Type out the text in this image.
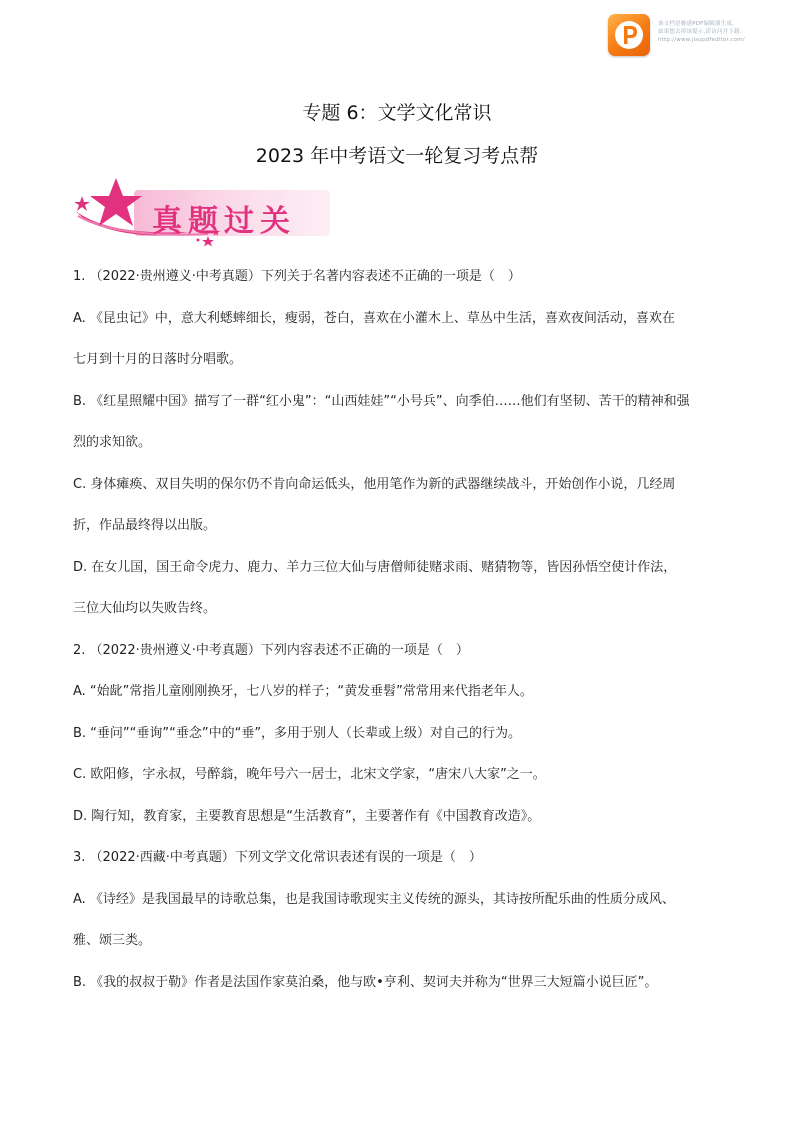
该文档是极速PDF编辑器生成,
如果想去掉该提示,请访问并下载:
http://www.jisupdfeditor.com/
专题 6：文学文化常识
2023 年中考语文一轮复习考点帮
真题过关
1. （2022·贵州遵义·中考真题）下列关于名著内容表述不正确的一项是（　）
A. 《昆虫记》中，意大利蟋蟀细长，瘦弱，苍白，喜欢在小灌木上、草丛中生活，喜欢夜间活动，喜欢在
七月到十月的日落时分唱歌。
B. 《红星照耀中国》描写了一群“红小鬼”：“山西娃娃”“小号兵”、向季伯……他们有坚韧、苦干的精神和强
烈的求知欲。
C. 身体瘫痪、双目失明的保尔仍不肯向命运低头，他用笔作为新的武器继续战斗，开始创作小说，几经周
折，作品最终得以出版。
D. 在女儿国，国王命令虎力、鹿力、羊力三位大仙与唐僧师徒赌求雨、赌猜物等，皆因孙悟空使计作法，
三位大仙均以失败告终。
2. （2022·贵州遵义·中考真题）下列内容表述不正确的一项是（　）
A. “始龀”常指儿童刚刚换牙，七八岁的样子；“黄发垂髫”常常用来代指老年人。
B. “垂问”“垂询”“垂念”中的“垂”，多用于别人（长辈或上级）对自己的行为。
C. 欧阳修，字永叔，号醉翁，晚年号六一居士，北宋文学家，“唐宋八大家”之一。
D. 陶行知，教育家，主要教育思想是“生活教育”，主要著作有《中国教育改造》。
3. （2022·西藏·中考真题）下列文学文化常识表述有误的一项是（　）
A. 《诗经》是我国最早的诗歌总集，也是我国诗歌现实主义传统的源头，其诗按所配乐曲的性质分成风、
雅、颂三类。
B. 《我的叔叔于勒》作者是法国作家莫泊桑，他与欧•亨利、契诃夫并称为“世界三大短篇小说巨匠”。
